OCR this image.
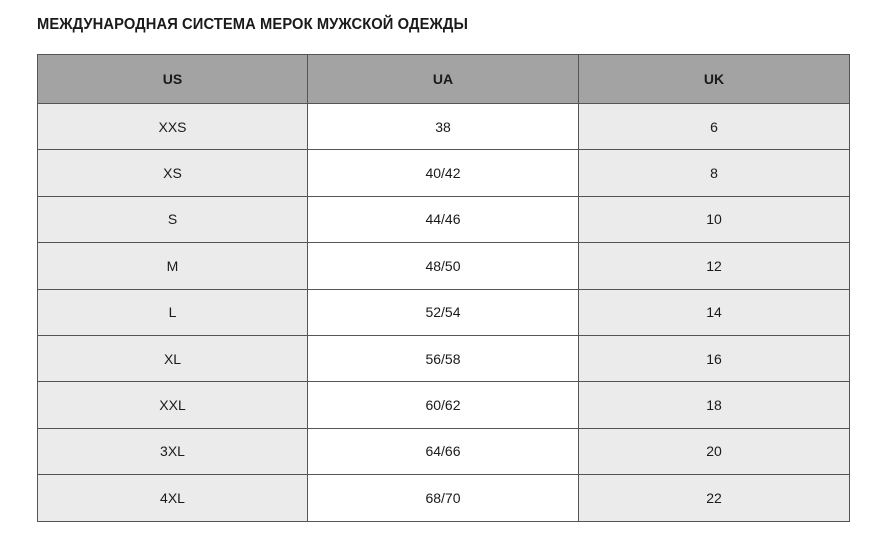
МЕЖДУНАРОДНАЯ СИСТЕМА МЕРОК МУЖСКОЙ ОДЕЖДЫ
US	UA	UK
XXS	38	6
XS	40/42	8
S	44/46	10
M	48/50	12
L	52/54	14
XL	56/58	16
XXL	60/62	18
3XL	64/66	20
4XL	68/70	22
